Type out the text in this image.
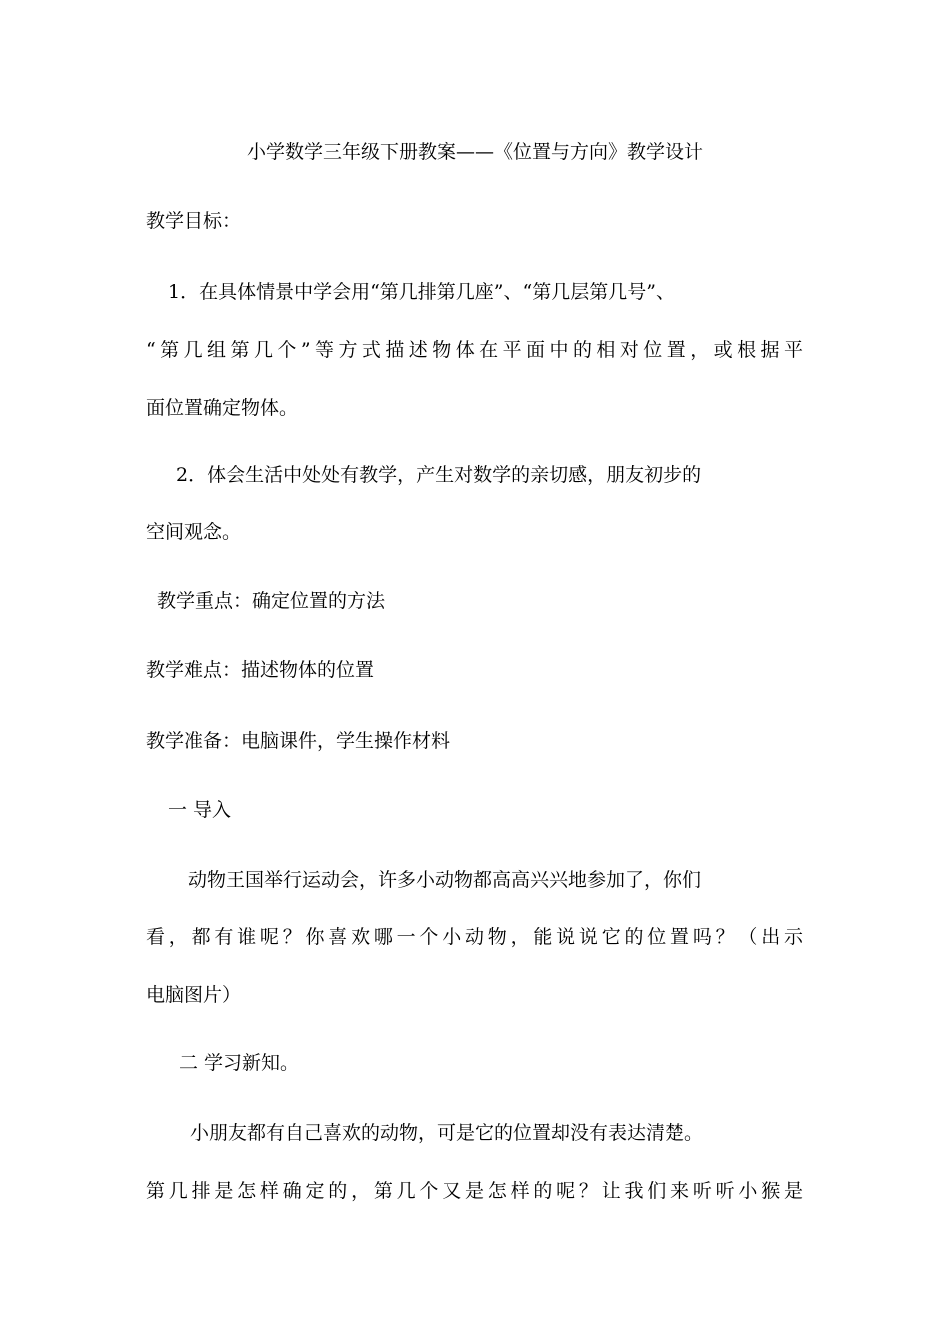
小学数学三年级下册教案——《位置与方向》教学设计
教学目标：
1．在具体情景中学会用“第几排第几座”、“第几层第几号”、
“第几组第几个”等方式描述物体在平面中的相对位置，或根据平
面位置确定物体。
2．体会生活中处处有教学，产生对数学的亲切感，朋友初步的
空间观念。
教学重点：确定位置的方法
教学难点：描述物体的位置
教学准备：电脑课件，学生操作材料
一 导入
动物王国举行运动会，许多小动物都高高兴兴地参加了，你们
看，都有谁呢？你喜欢哪一个小动物，能说说它的位置吗？（出示
电脑图片）
二 学习新知。
小朋友都有自己喜欢的动物，可是它的位置却没有表达清楚。
第几排是怎样确定的，第几个又是怎样的呢？让我们来听听小猴是
